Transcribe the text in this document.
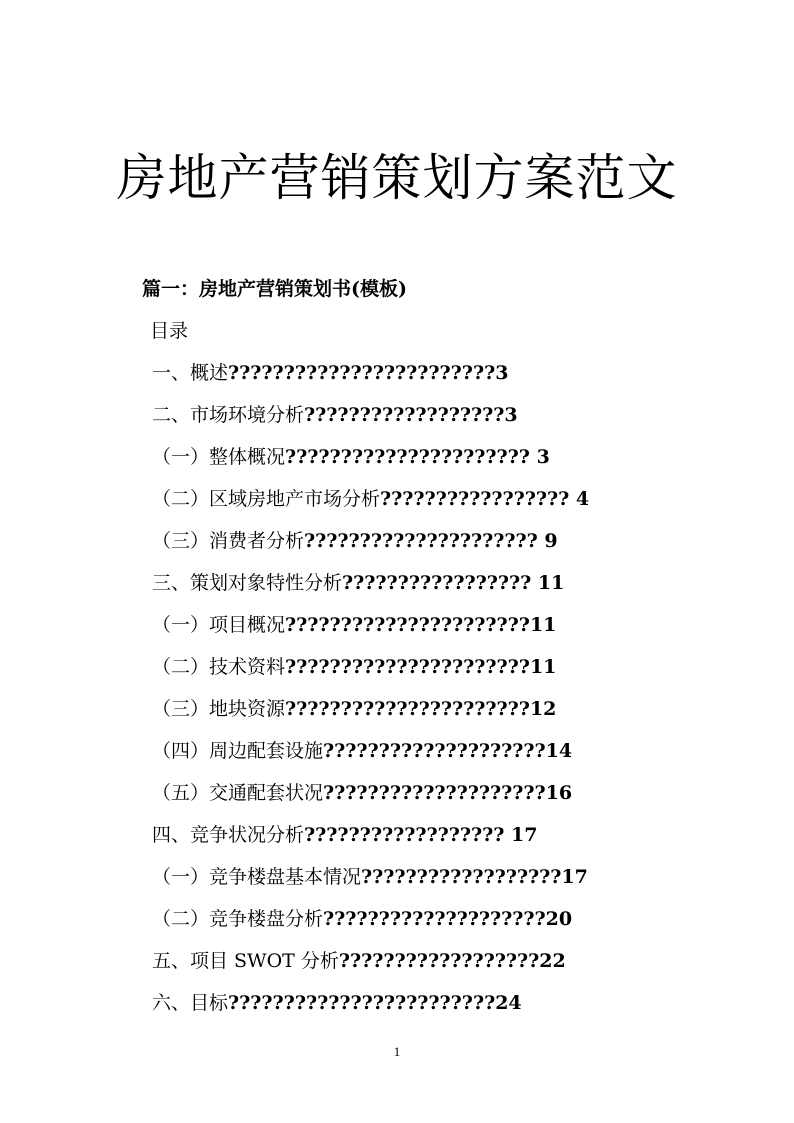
房地产营销策划方案范文
篇一：房地产营销策划书(模板)
目录
一、概述????????????????????????3
二、市场环境分析??????????????????3
（一）整体概况?????????????????????? 3
（二）区域房地产市场分析????????????????? 4
（三）消费者分析????????????????????? 9
三、策划对象特性分析????????????????? 11
（一）项目概况??????????????????????11
（二）技术资料??????????????????????11
（三）地块资源??????????????????????12
（四）周边配套设施????????????????????14
（五）交通配套状况????????????????????16
四、竞争状况分析?????????????????? 17
（一）竞争楼盘基本情况??????????????????17
（二）竞争楼盘分析????????????????????20
五、项目 SWOT 分析??????????????????22
六、目标????????????????????????24
1
